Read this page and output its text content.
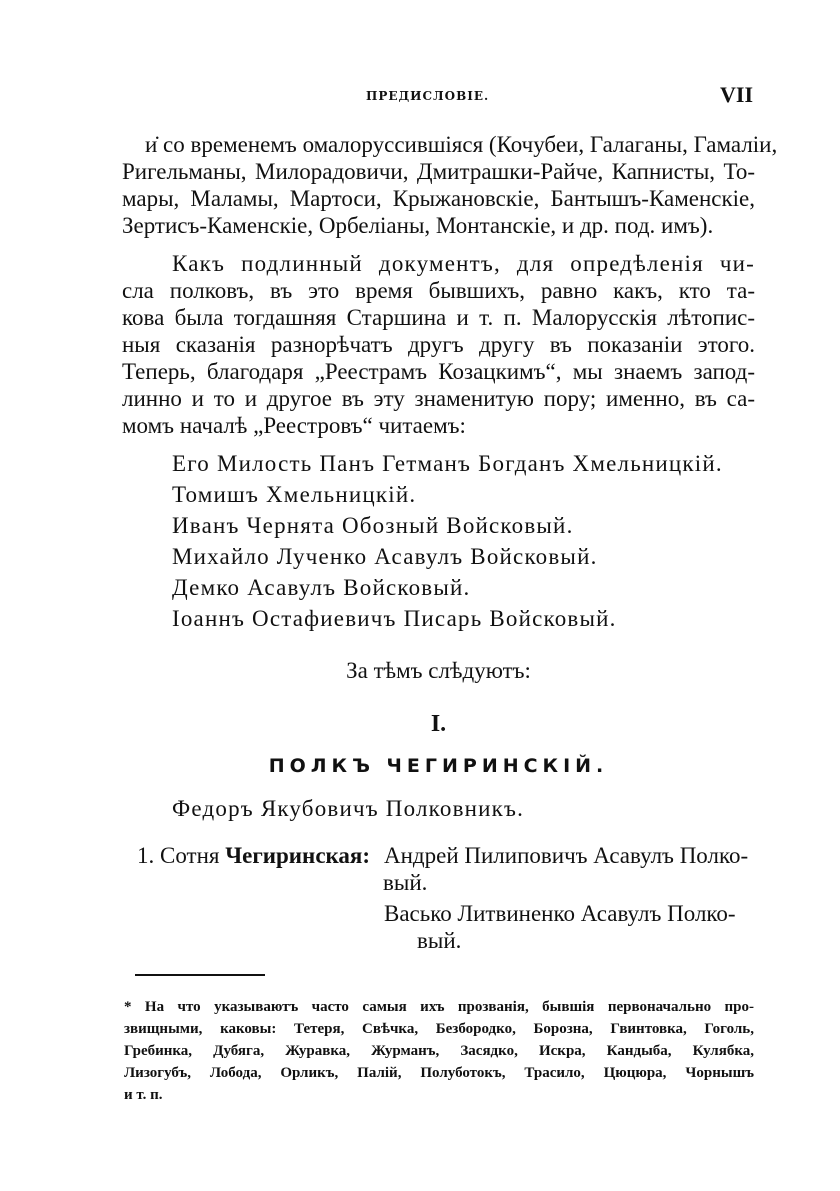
ПРЕДИСЛОВІЕ.	VII
и̇ со временемъ омалоруссившіяся (Кочубеи, Галаганы, Гамаліи,
Ригельманы, Милорадовичи, Дмитрашки-Райче, Капнисты, То-
мары, Маламы, Мартоси, Крыжановскіе, Бантышъ-Каменскіе,
Зертисъ-Каменскіе, Орбеліаны, Монтанскіе, и др. под. имъ).
Какъ подлинный документъ, для опредѣленія чи-
сла полковъ, въ это время бывшихъ, равно какъ, кто та-
кова была тогдашняя Старшина и т. п. Малорусскія лѣтопис-
ныя сказанія разнорѣчатъ другъ другу въ показаніи этого.
Теперь, благодаря „Реестрамъ Козацкимъ“, мы знаемъ запод-
линно и то и другое въ эту знаменитую пору; именно, въ са-
момъ началѣ „Реестровъ“ читаемъ:
Его Милость Панъ Гетманъ Богданъ Хмельницкій.
Томишъ Хмельницкій.
Иванъ Чернята Обозный Войсковый.
Михайло Лученко Асавулъ Войсковый.
Демко Асавулъ Войсковый.
Іоаннъ Остафиевичъ Писарь Войсковый.
За тѣмъ слѣдуютъ:
I.
ПОЛКЪ ЧЕГИРИНСКІЙ.
Федоръ Якубовичъ Полковникъ.
1. Сотня Чегиринская: Андрей Пилиповичъ Асавулъ Полко-
вый.
Васько Литвиненко Асавулъ Полко-
вый.
* На что указываютъ часто самыя ихъ прозванія, бывшія первоначально про-
звищными, каковы: Тетеря, Свѣчка, Безбородко, Борозна, Гвинтовка, Гоголь,
Гребинка, Дубяга, Журавка, Журманъ, Засядко, Искра, Кандыба, Кулябка,
Лизогубъ, Лобода, Орликъ, Палій, Полуботокъ, Трасило, Цюцюра, Чорнышъ
и т. п.
